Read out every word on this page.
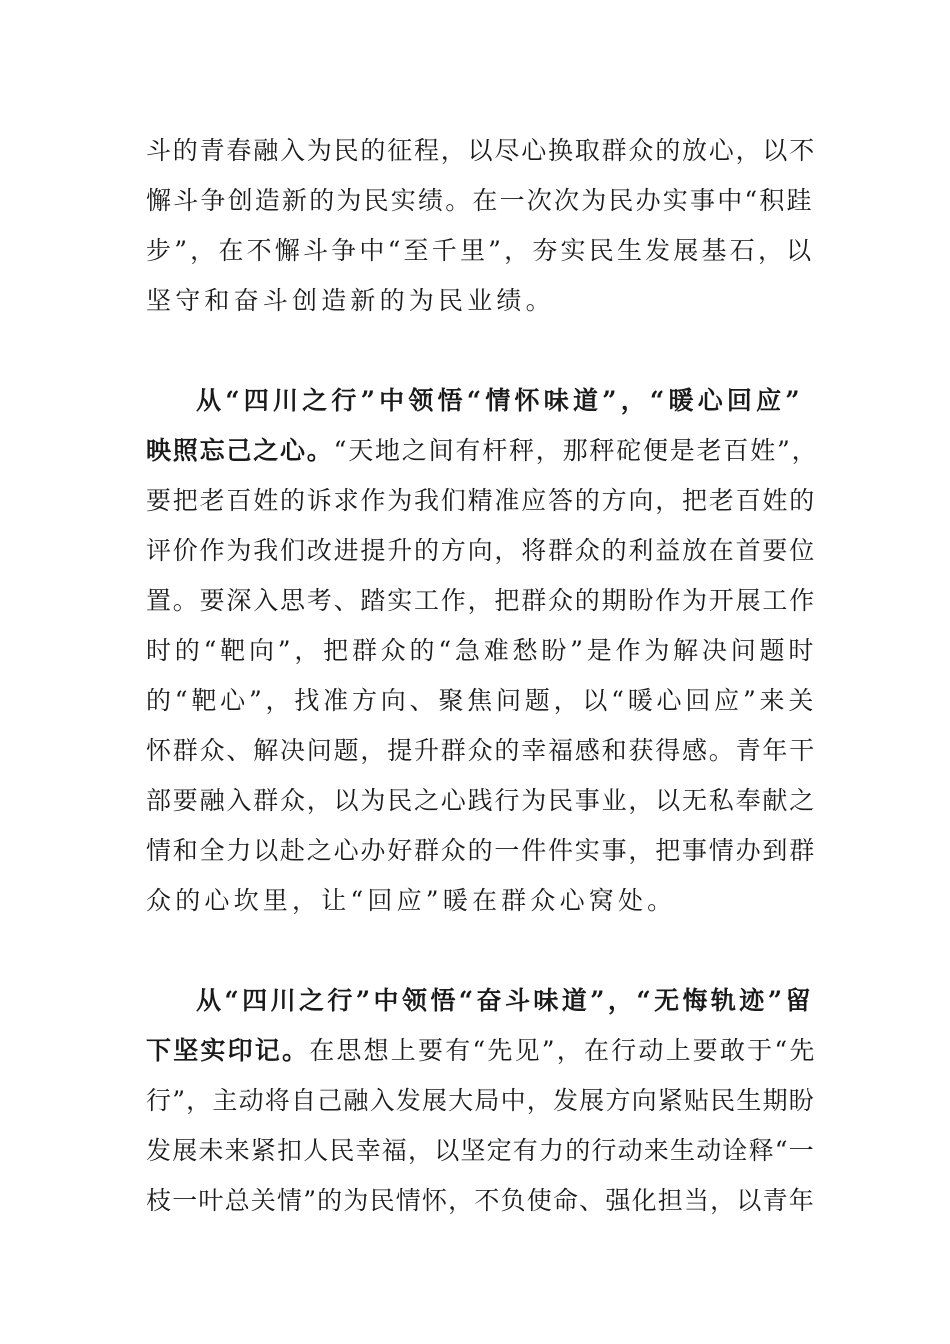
斗的青春融入为民的征程，以尽心换取群众的放心，以不
懈斗争创造新的为民实绩。在一次次为民办实事中“积跬
步”，在不懈斗争中“至千里”，夯实民生发展基石，以
坚守和奋斗创造新的为民业绩。
从“四川之行”中领悟“情怀味道”，“暖心回应”
映照忘己之心。“天地之间有杆秤，那秤砣便是老百姓”，
要把老百姓的诉求作为我们精准应答的方向，把老百姓的
评价作为我们改进提升的方向，将群众的利益放在首要位
置。要深入思考、踏实工作，把群众的期盼作为开展工作
时的“靶向”，把群众的“急难愁盼”是作为解决问题时
的“靶心”，找准方向、聚焦问题，以“暖心回应”来关
怀群众、解决问题，提升群众的幸福感和获得感。青年干
部要融入群众，以为民之心践行为民事业，以无私奉献之
情和全力以赴之心办好群众的一件件实事，把事情办到群
众的心坎里，让“回应”暖在群众心窝处。
从“四川之行”中领悟“奋斗味道”，“无悔轨迹”留
下坚实印记。在思想上要有“先见”，在行动上要敢于“先
行”，主动将自己融入发展大局中，发展方向紧贴民生期盼
发展未来紧扣人民幸福，以坚定有力的行动来生动诠释“一
枝一叶总关情”的为民情怀，不负使命、强化担当，以青年
